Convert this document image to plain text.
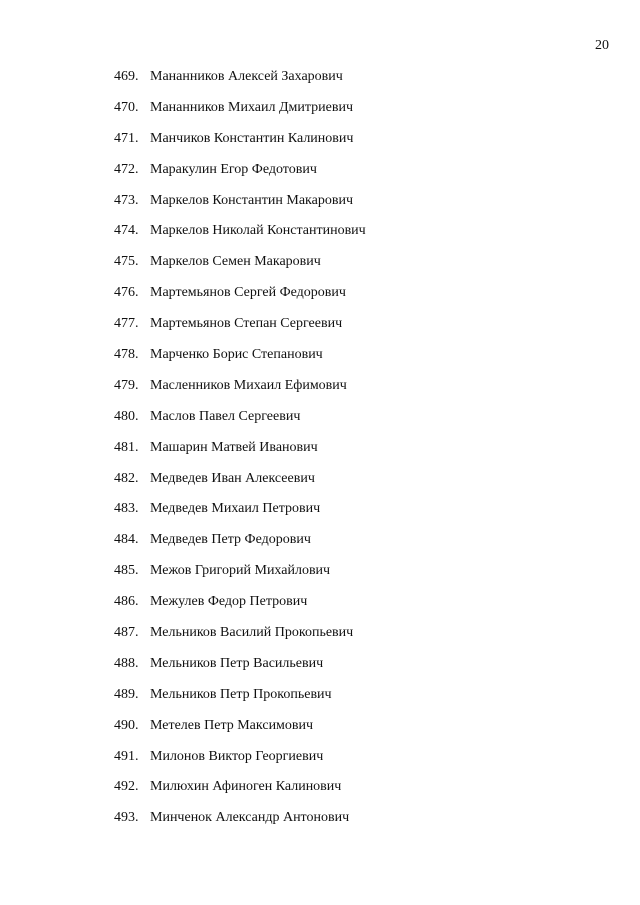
20
469. Мананников Алексей Захарович
470. Мананников Михаил Дмитриевич
471. Манчиков Константин Калинович
472. Маракулин Егор Федотович
473. Маркелов Константин Макарович
474. Маркелов Николай Константинович
475. Маркелов Семен Макарович
476. Мартемьянов Сергей Федорович
477. Мартемьянов Степан Сергеевич
478. Марченко Борис Степанович
479. Масленников Михаил Ефимович
480. Маслов Павел Сергеевич
481. Машарин Матвей Иванович
482. Медведев Иван Алексеевич
483. Медведев Михаил Петрович
484. Медведев Петр Федорович
485. Межов Григорий Михайлович
486. Межулев Федор Петрович
487. Мельников Василий Прокопьевич
488. Мельников Петр Васильевич
489. Мельников Петр Прокопьевич
490. Метелев Петр Максимович
491. Милонов Виктор Георгиевич
492. Милюхин Афиноген Калинович
493. Минченок Александр Антонович
